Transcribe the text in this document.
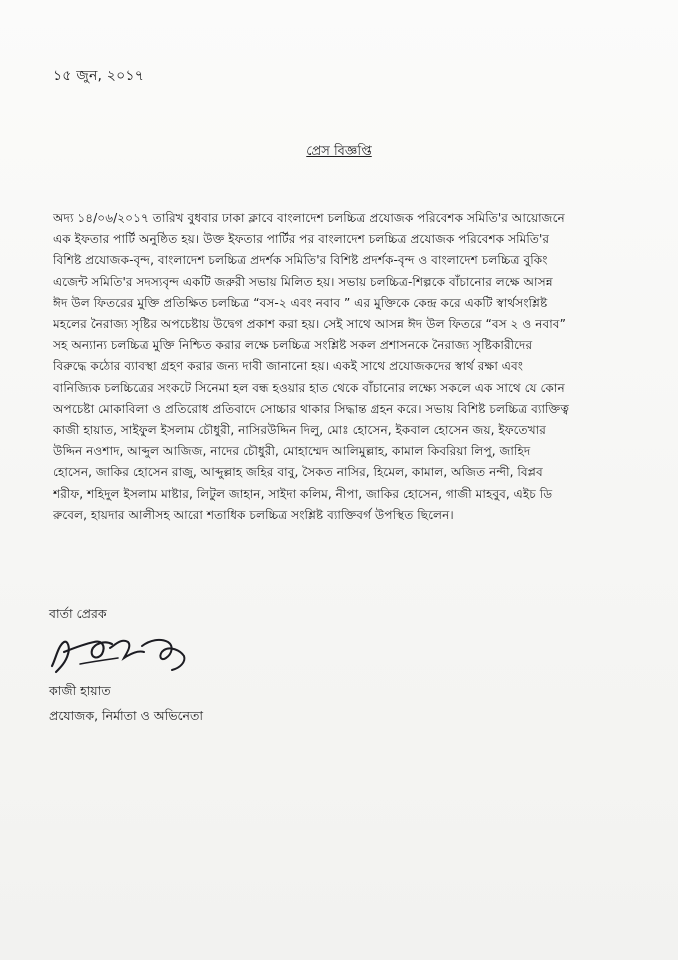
১৫ জুন, ২০১৭
প্রেস বিজ্ঞপ্তি
অদ্য ১৪/০৬/২০১৭ তারিখ বুধবার ঢাকা ক্লাবে বাংলাদেশ চলচ্চিত্র প্রযোজক পরিবেশক সমিতি'র আয়োজনে
এক ইফতার পার্টি অনুষ্ঠিত হয়। উক্ত ইফতার পার্টির পর বাংলাদেশ চলচ্চিত্র প্রযোজক পরিবেশক সমিতি'র
বিশিষ্ট প্রযোজক-বৃন্দ, বাংলাদেশ চলচ্চিত্র প্রদর্শক সমিতি'র বিশিষ্ট প্রদর্শক-বৃন্দ ও বাংলাদেশ চলচ্চিত্র বুকিং
এজেন্ট সমিতি'র সদস্যবৃন্দ একটি জরুরী সভায় মিলিত হয়। সভায় চলচ্চিত্র-শিল্পকে বাঁচানোর লক্ষে আসন্ন
ঈদ উল ফিতরের মুক্তি প্রতিক্ষিত চলচ্চিত্র “বস-২ এবং নবাব ” এর মুক্তিকে কেন্দ্র করে একটি স্বার্থসংশ্লিষ্ট
মহলের নৈরাজ্য সৃষ্টির অপচেষ্টায় উদ্বেগ প্রকাশ করা হয়। সেই সাথে আসন্ন ঈদ উল ফিতরে “বস ২ ও নবাব”
সহ অন্যান্য চলচ্চিত্র মুক্তি নিশ্চিত করার লক্ষে চলচ্চিত্র সংশ্লিষ্ট সকল প্রশাসনকে নৈরাজ্য সৃষ্টিকারীদের
বিরুদ্ধে কঠোর ব্যাবস্থা গ্রহণ করার জন্য দাবী জানানো হয়। একই সাথে প্রযোজকদের স্বার্থ রক্ষা এবং
বানিজ্যিক চলচ্চিত্রের সংকটে সিনেমা হল বন্ধ হওয়ার হাত থেকে বাঁচানোর লক্ষ্যে সকলে এক সাথে যে কোন
অপচেষ্টা মোকাবিলা ও প্রতিরোধ প্রতিবাদে সোচ্চার থাকার সিদ্ধান্ত গ্রহন করে। সভায় বিশিষ্ট চলচ্চিত্র ব্যাক্তিত্ব
কাজী হায়াত, সাইফুল ইসলাম চৌধুরী, নাসিরউদ্দিন দিলু, মোঃ হোসেন, ইকবাল হোসেন জয়, ইফতেখার
উদ্দিন নওশাদ, আব্দুল আজিজ, নাদের চৌধুরী, মোহাম্মেদ আলিমুল্লাহ, কামাল কিবরিয়া লিপু, জাহিদ
হোসেন, জাকির হোসেন রাজু, আব্দুল্লাহ জহির বাবু, সৈকত নাসির, হিমেল, কামাল, অজিত নন্দী, বিপ্লব
শরীফ, শহিদুল ইসলাম মাষ্টার, লিটুল জাহান, সাইদা কলিম, নীপা, জাকির হোসেন, গাজী মাহবুব, এইচ ডি
রুবেল, হায়দার আলীসহ আরো শতাধিক চলচ্চিত্র সংশ্লিষ্ট ব্যাক্তিবর্গ উপস্থিত ছিলেন।
বার্তা প্রেরক
কাজী হায়াত
প্রযোজক, নির্মাতা ও অভিনেতা
